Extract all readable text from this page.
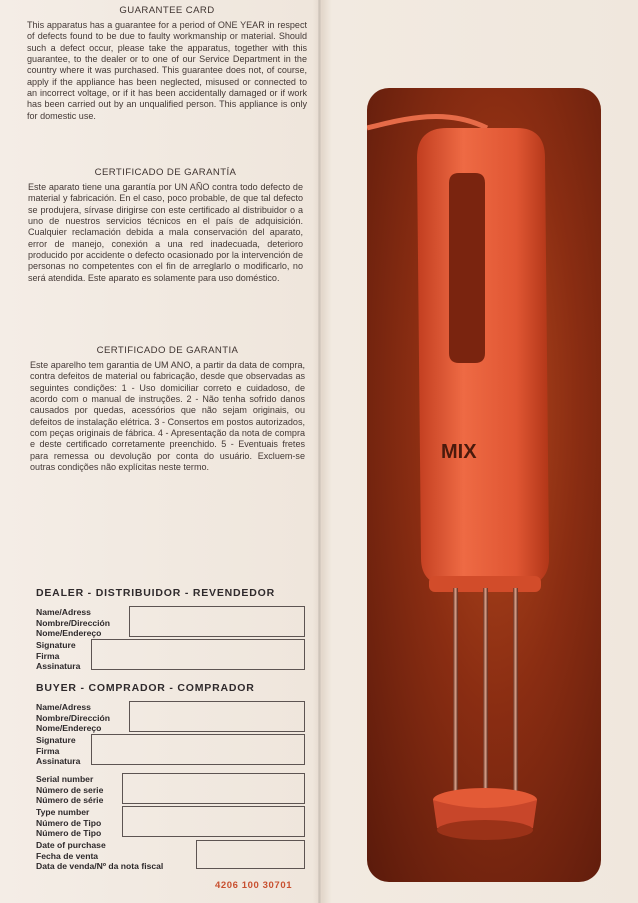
GUARANTEE CARD

This apparatus has a guarantee for a period of ONE YEAR in respect of defects found to be due to faulty workmanship or material. Should such a defect occur, please take the apparatus, together with this guarantee, to the dealer or to one of our Service Department in the country where it was purchased. This guarantee does not, of course, apply if the appliance has been neglected, misused or connected to an incorrect voltage, or if it has been accidentally damaged or if work has been carried out by an unqualified person. This appliance is only for domestic use.

CERTIFICADO DE GARANTÍA

Este aparato tiene una garantía por UN AÑO contra todo defecto de material y fabricación. En el caso, poco probable, de que tal defecto se produjera, sírvase dirigirse con este certificado al distribuidor o a uno de nuestros servicios técnicos en el país de adquisición. Cualquier reclamación debida a mala conservación del aparato, error de manejo, conexión a una red inadecuada, deterioro producido por accidente o defecto ocasionado por la intervención de personas no competentes con el fin de arreglarlo o modificarlo, no será atendida. Este aparato es solamente para uso doméstico.

CERTIFICADO DE GARANTIA

Este aparelho tem garantia de UM ANO, a partir da data de compra, contra defeitos de material ou fabricação, desde que observadas as seguintes condições: 1 - Uso domiciliar correto e cuidadoso, de acordo com o manual de instruções. 2 - Não tenha sofrido danos causados por quedas, acessórios que não sejam originais, ou defeitos de instalação elétrica. 3 - Consertos em postos autorizados, com peças originais de fábrica. 4 - Apresentação da nota de compra e deste certificado corretamente preenchido. 5 - Eventuais fretes para remessa ou devolução por conta do usuário. Excluem-se outras condições não explícitas neste termo.

DEALER - DISTRIBUIDOR - REVENDEDOR
Name/Adress
Nombre/Dirección
Nome/Endereço
Signature
Firma
Assinatura
BUYER - COMPRADOR - COMPRADOR
Name/Adress
Nombre/Dirección
Nome/Endereço
Signature
Firma
Assinatura
Serial number
Número de serie
Número de série
Type number
Número de Tipo
Número de Tipo
Date of purchase
Fecha de venta
Data de venda/Nº da nota fiscal
4206 100 30701
MIX
